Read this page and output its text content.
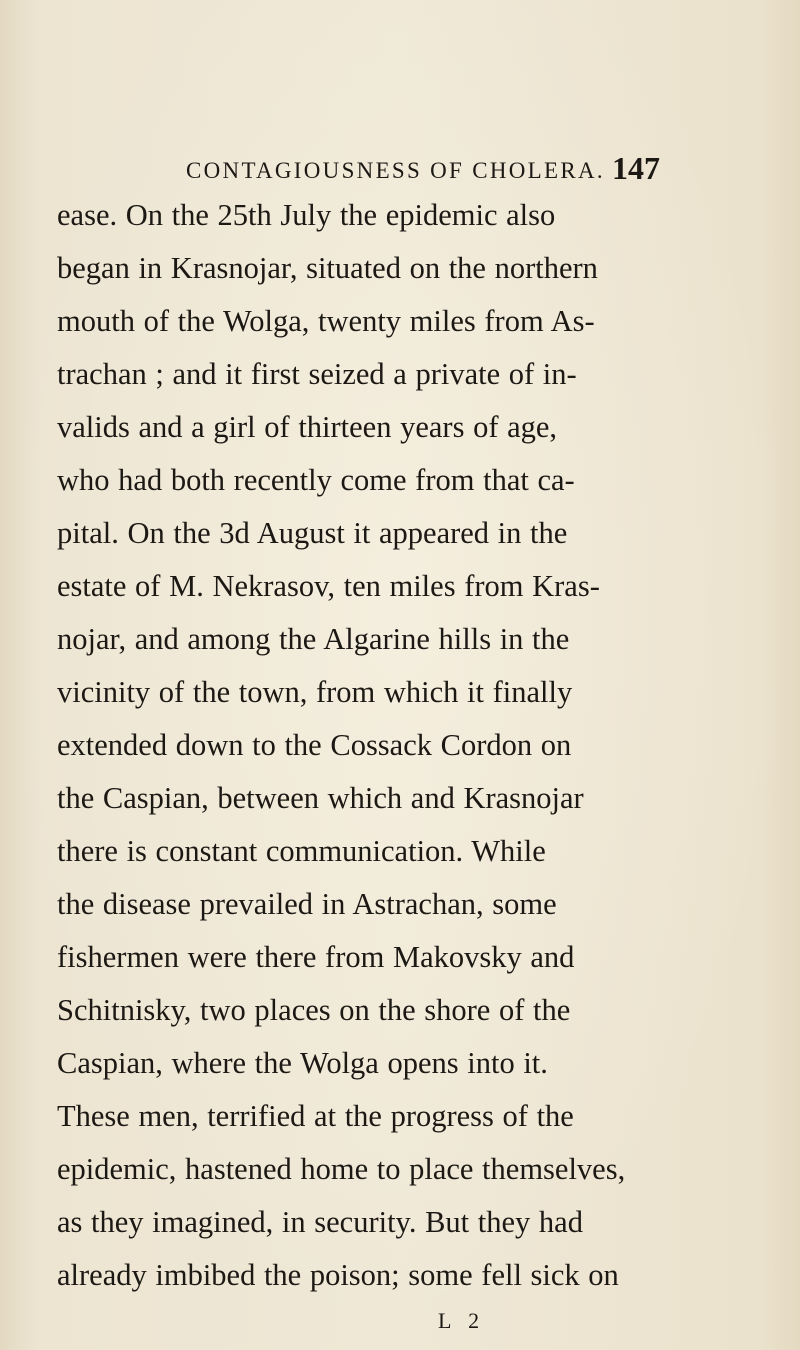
CONTAGIOUSNESS OF CHOLERA. 147
ease. On the 25th July the epidemic also
began in Krasnojar, situated on the northern
mouth of the Wolga, twenty miles from As-
trachan ; and it first seized a private of in-
valids and a girl of thirteen years of age,
who had both recently come from that ca-
pital. On the 3d August it appeared in the
estate of M. Nekrasov, ten miles from Kras-
nojar, and among the Algarine hills in the
vicinity of the town, from which it finally
extended down to the Cossack Cordon on
the Caspian, between which and Krasnojar
there is constant communication. While
the disease prevailed in Astrachan, some
fishermen were there from Makovsky and
Schitnisky, two places on the shore of the
Caspian, where the Wolga opens into it.
These men, terrified at the progress of the
epidemic, hastened home to place themselves,
as they imagined, in security. But they had
already imbibed the poison; some fell sick on
L 2
